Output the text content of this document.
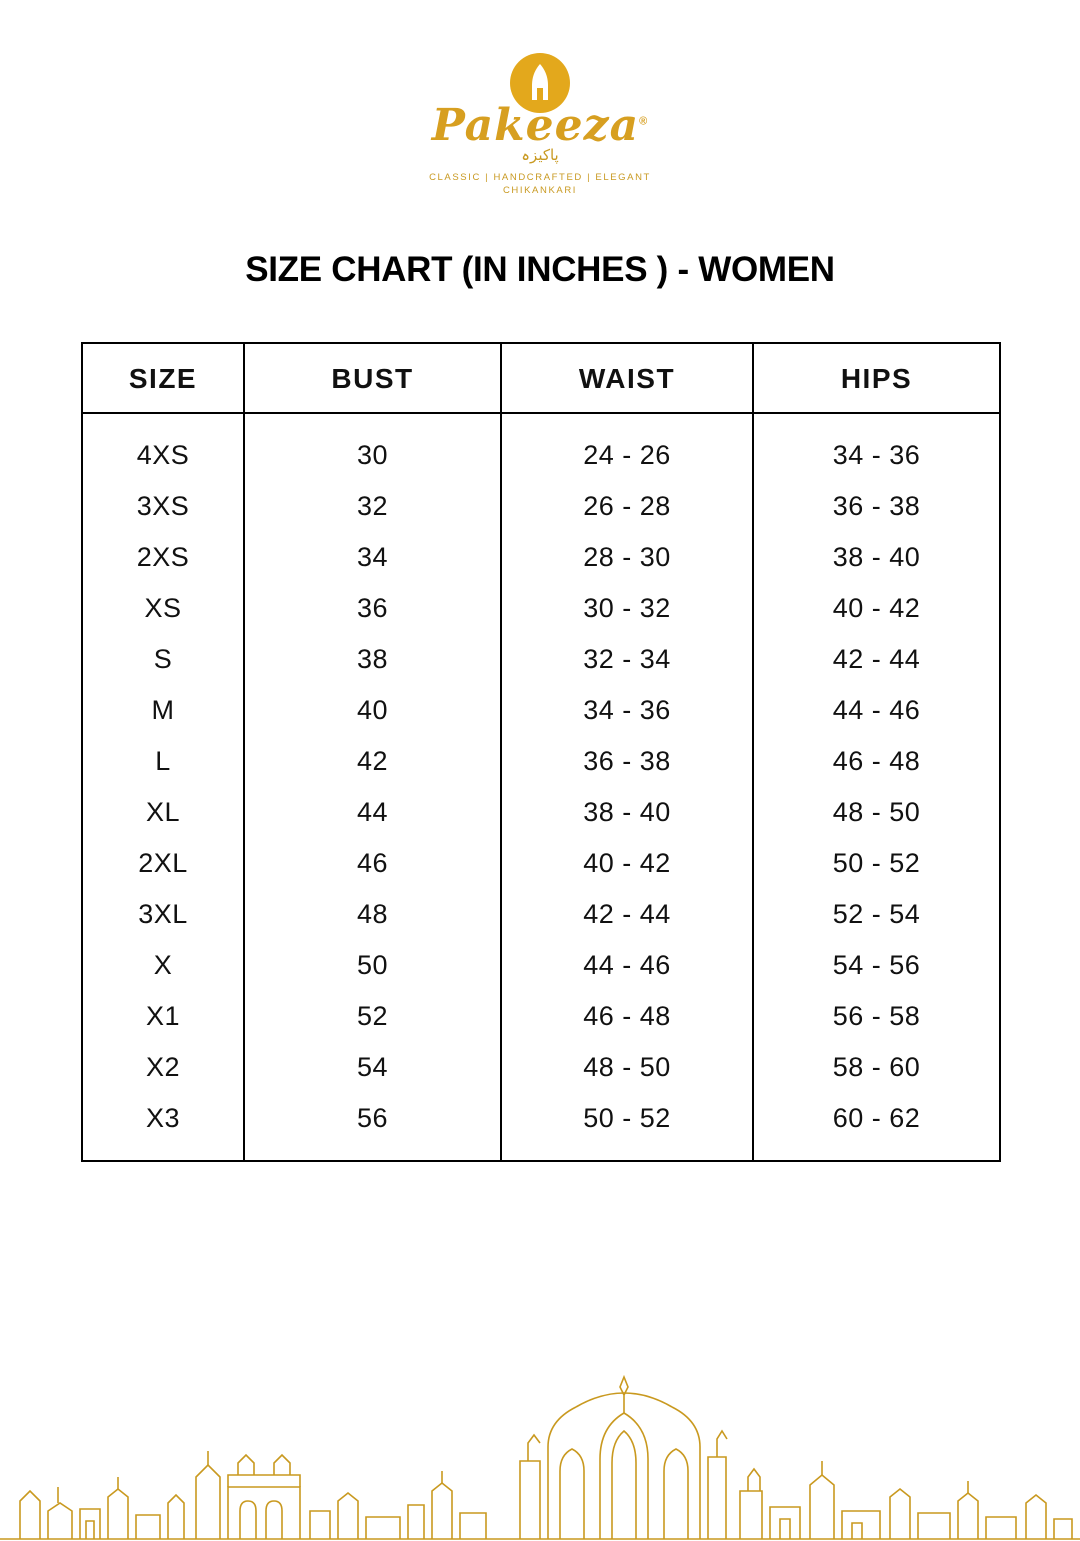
Pakeeza®
پاکیزہ
CLASSIC | HANDCRAFTED | ELEGANT
CHIKANKARI
SIZE CHART (IN INCHES ) - WOMEN
SIZE	BUST	WAIST	HIPS
4XS	30	24 - 26	34 - 36
3XS	32	26 - 28	36 - 38
2XS	34	28 - 30	38 - 40
XS	36	30 - 32	40 - 42
S	38	32 - 34	42 - 44
M	40	34 - 36	44 - 46
L	42	36 - 38	46 - 48
XL	44	38 - 40	48 - 50
2XL	46	40 - 42	50 - 52
3XL	48	42 - 44	52 - 54
X	50	44 - 46	54 - 56
X1	52	46 - 48	56 - 58
X2	54	48 - 50	58 - 60
X3	56	50 - 52	60 - 62
